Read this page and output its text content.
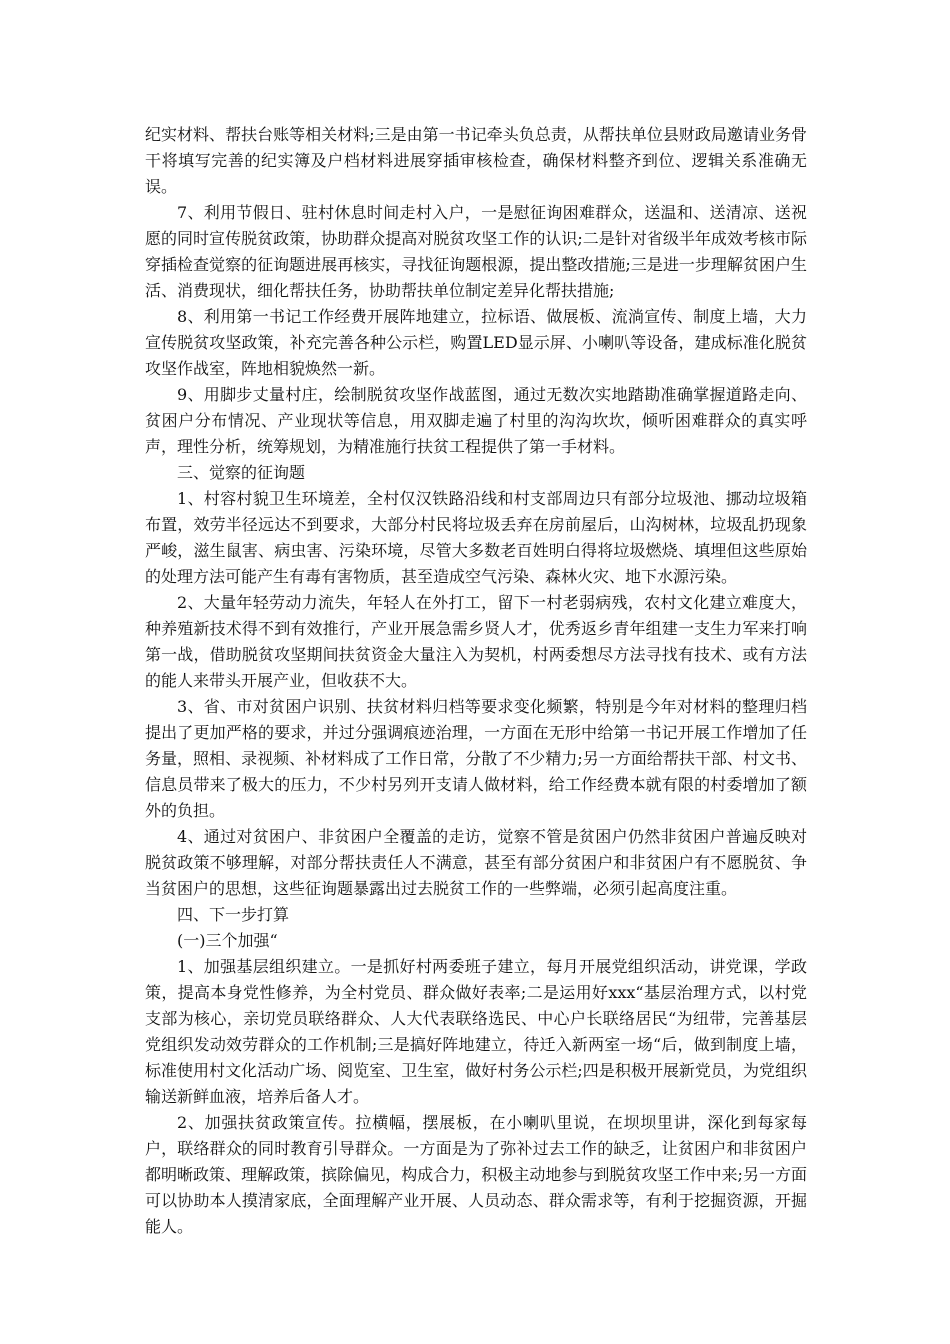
纪实材料、帮扶台账等相关材料;三是由第一书记牵头负总责，从帮扶单位县财政局邀请业务骨干将填写完善的纪实簿及户档材料进展穿插审核检查，确保材料整齐到位、逻辑关系准确无误。

7、利用节假日、驻村休息时间走村入户，一是慰征询困难群众，送温和、送清凉、送祝愿的同时宣传脱贫政策，协助群众提高对脱贫攻坚工作的认识;二是针对省级半年成效考核市际穿插检查觉察的征询题进展再核实，寻找征询题根源，提出整改措施;三是进一步理解贫困户生活、消费现状，细化帮扶任务，协助帮扶单位制定差异化帮扶措施;

8、利用第一书记工作经费开展阵地建立，拉标语、做展板、流淌宣传、制度上墙，大力宣传脱贫攻坚政策，补充完善各种公示栏，购置LED显示屏、小喇叭等设备，建成标准化脱贫攻坚作战室，阵地相貌焕然一新。

9、用脚步丈量村庄，绘制脱贫攻坚作战蓝图，通过无数次实地踏勘准确掌握道路走向、贫困户分布情况、产业现状等信息，用双脚走遍了村里的沟沟坎坎，倾听困难群众的真实呼声，理性分析，统筹规划，为精准施行扶贫工程提供了第一手材料。

三、觉察的征询题

1、村容村貌卫生环境差，全村仅汉铁路沿线和村支部周边只有部分垃圾池、挪动垃圾箱布置，效劳半径远达不到要求，大部分村民将垃圾丢弃在房前屋后，山沟树林，垃圾乱扔现象严峻，滋生鼠害、病虫害、污染环境，尽管大多数老百姓明白得将垃圾燃烧、填埋但这些原始的处理方法可能产生有毒有害物质，甚至造成空气污染、森林火灾、地下水源污染。

2、大量年轻劳动力流失，年轻人在外打工，留下一村老弱病残，农村文化建立难度大，种养殖新技术得不到有效推行，产业开展急需乡贤人才，优秀返乡青年组建一支生力军来打响第一战，借助脱贫攻坚期间扶贫资金大量注入为契机，村两委想尽方法寻找有技术、或有方法的能人来带头开展产业，但收获不大。

3、省、市对贫困户识别、扶贫材料归档等要求变化频繁，特别是今年对材料的整理归档提出了更加严格的要求，并过分强调痕迹治理，一方面在无形中给第一书记开展工作增加了任务量，照相、录视频、补材料成了工作日常，分散了不少精力;另一方面给帮扶干部、村文书、信息员带来了极大的压力，不少村另列开支请人做材料，给工作经费本就有限的村委增加了额外的负担。

4、通过对贫困户、非贫困户全覆盖的走访，觉察不管是贫困户仍然非贫困户普遍反映对脱贫政策不够理解，对部分帮扶责任人不满意，甚至有部分贫困户和非贫困户有不愿脱贫、争当贫困户的思想，这些征询题暴露出过去脱贫工作的一些弊端，必须引起高度注重。

四、下一步打算

(一)三个加强“

1、加强基层组织建立。一是抓好村两委班子建立，每月开展党组织活动，讲党课，学政策，提高本身党性修养，为全村党员、群众做好表率;二是运用好xxx“基层治理方式，以村党支部为核心，亲切党员联络群众、人大代表联络选民、中心户长联络居民“为纽带，完善基层党组织发动效劳群众的工作机制;三是搞好阵地建立，待迁入新两室一场“后，做到制度上墙，标准使用村文化活动广场、阅览室、卫生室，做好村务公示栏;四是积极开展新党员，为党组织输送新鲜血液，培养后备人才。

2、加强扶贫政策宣传。拉横幅，摆展板，在小喇叭里说，在坝坝里讲，深化到每家每户，联络群众的同时教育引导群众。一方面是为了弥补过去工作的缺乏，让贫困户和非贫困户都明晰政策、理解政策，摈除偏见，构成合力，积极主动地参与到脱贫攻坚工作中来;另一方面可以协助本人摸清家底，全面理解产业开展、人员动态、群众需求等，有利于挖掘资源，开掘能人。
